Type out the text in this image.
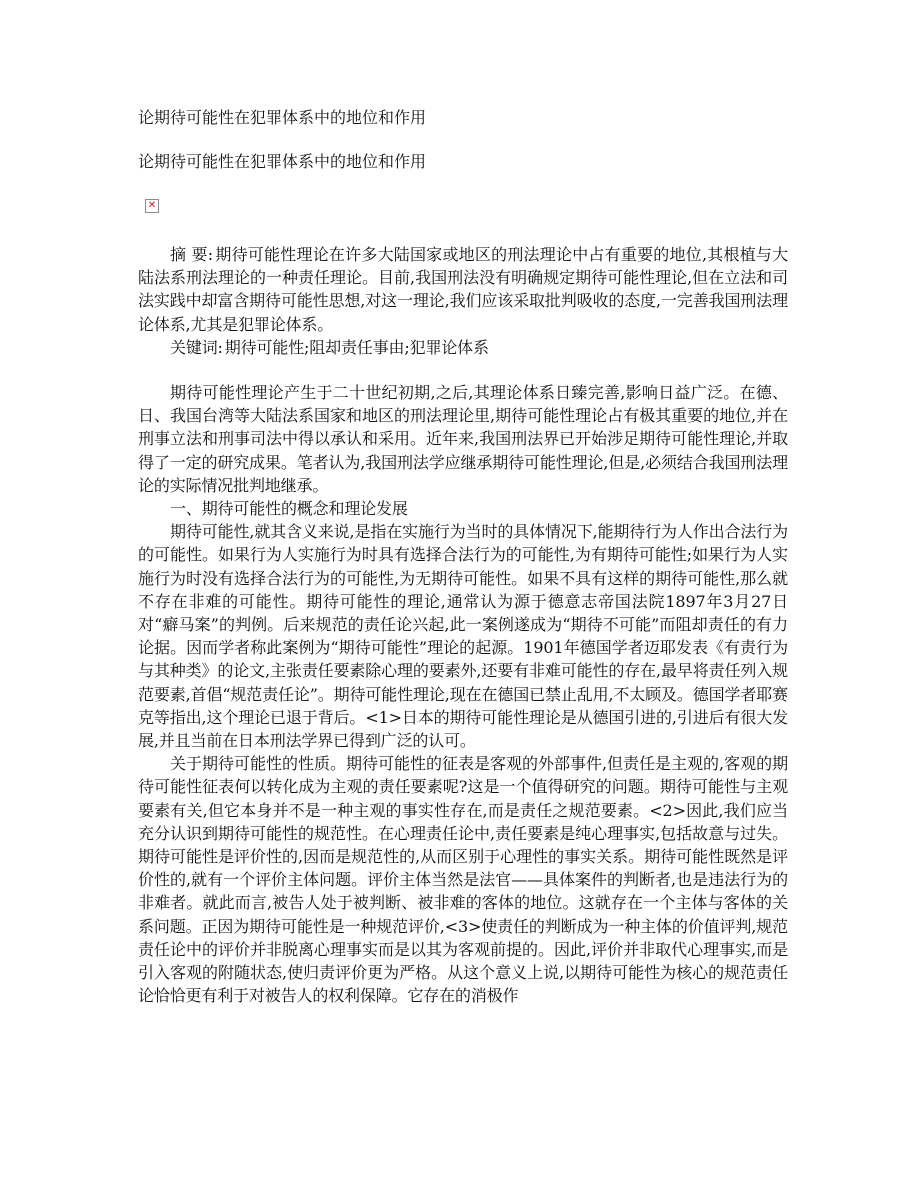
论期待可能性在犯罪体系中的地位和作用
论期待可能性在犯罪体系中的地位和作用
✕

摘 要: 期待可能性理论在许多大陆国家或地区的刑法理论中占有重要的地位,其根植与大陆法系刑法理论的一种责任理论。目前,我国刑法没有明确规定期待可能性理论,但在立法和司法实践中却富含期待可能性思想,对这一理论,我们应该采取批判吸收的态度,一完善我国刑法理论体系,尤其是犯罪论体系。

关键词: 期待可能性;阻却责任事由;犯罪论体系

期待可能性理论产生于二十世纪初期,之后,其理论体系日臻完善,影响日益广泛。在德、日、我国台湾等大陆法系国家和地区的刑法理论里,期待可能性理论占有极其重要的地位,并在刑事立法和刑事司法中得以承认和采用。近年来,我国刑法界已开始涉足期待可能性理论,并取得了一定的研究成果。笔者认为,我国刑法学应继承期待可能性理论,但是,必须结合我国刑法理论的实际情况批判地继承。

一、期待可能性的概念和理论发展

期待可能性,就其含义来说,是指在实施行为当时的具体情况下,能期待行为人作出合法行为的可能性。如果行为人实施行为时具有选择合法行为的可能性,为有期待可能性;如果行为人实施行为时没有选择合法行为的可能性,为无期待可能性。如果不具有这样的期待可能性,那么就不存在非难的可能性。期待可能性的理论,通常认为源于德意志帝国法院1897年3月27日对“癖马案”的判例。后来规范的责任论兴起,此一案例遂成为“期待不可能”而阻却责任的有力论据。因而学者称此案例为“期待可能性”理论的起源。1901年德国学者迈耶发表《有责行为与其种类》的论文,主张责任要素除心理的要素外,还要有非难可能性的存在,最早将责任列入规范要素,首倡“规范责任论”。期待可能性理论,现在在德国已禁止乱用,不太顾及。德国学者耶赛克等指出,这个理论已退于背后。<1>日本的期待可能性理论是从德国引进的,引进后有很大发展,并且当前在日本刑法学界已得到广泛的认可。

关于期待可能性的性质。期待可能性的征表是客观的外部事件,但责任是主观的,客观的期待可能性征表何以转化成为主观的责任要素呢?这是一个值得研究的问题。期待可能性与主观要素有关,但它本身并不是一种主观的事实性存在,而是责任之规范要素。<2>因此,我们应当充分认识到期待可能性的规范性。在心理责任论中,责任要素是纯心理事实,包括故意与过失。期待可能性是评价性的,因而是规范性的,从而区别于心理性的事实关系。期待可能性既然是评价性的,就有一个评价主体问题。评价主体当然是法官——具体案件的判断者,也是违法行为的非难者。就此而言,被告人处于被判断、被非难的客体的地位。这就存在一个主体与客体的关系问题。正因为期待可能性是一种规范评价,<3>使责任的判断成为一种主体的价值评判,规范责任论中的评价并非脱离心理事实而是以其为客观前提的。因此,评价并非取代心理事实,而是引入客观的附随状态,使归责评价更为严格。从这个意义上说,以期待可能性为核心的规范责任论恰恰更有利于对被告人的权利保障。它存在的消极作
